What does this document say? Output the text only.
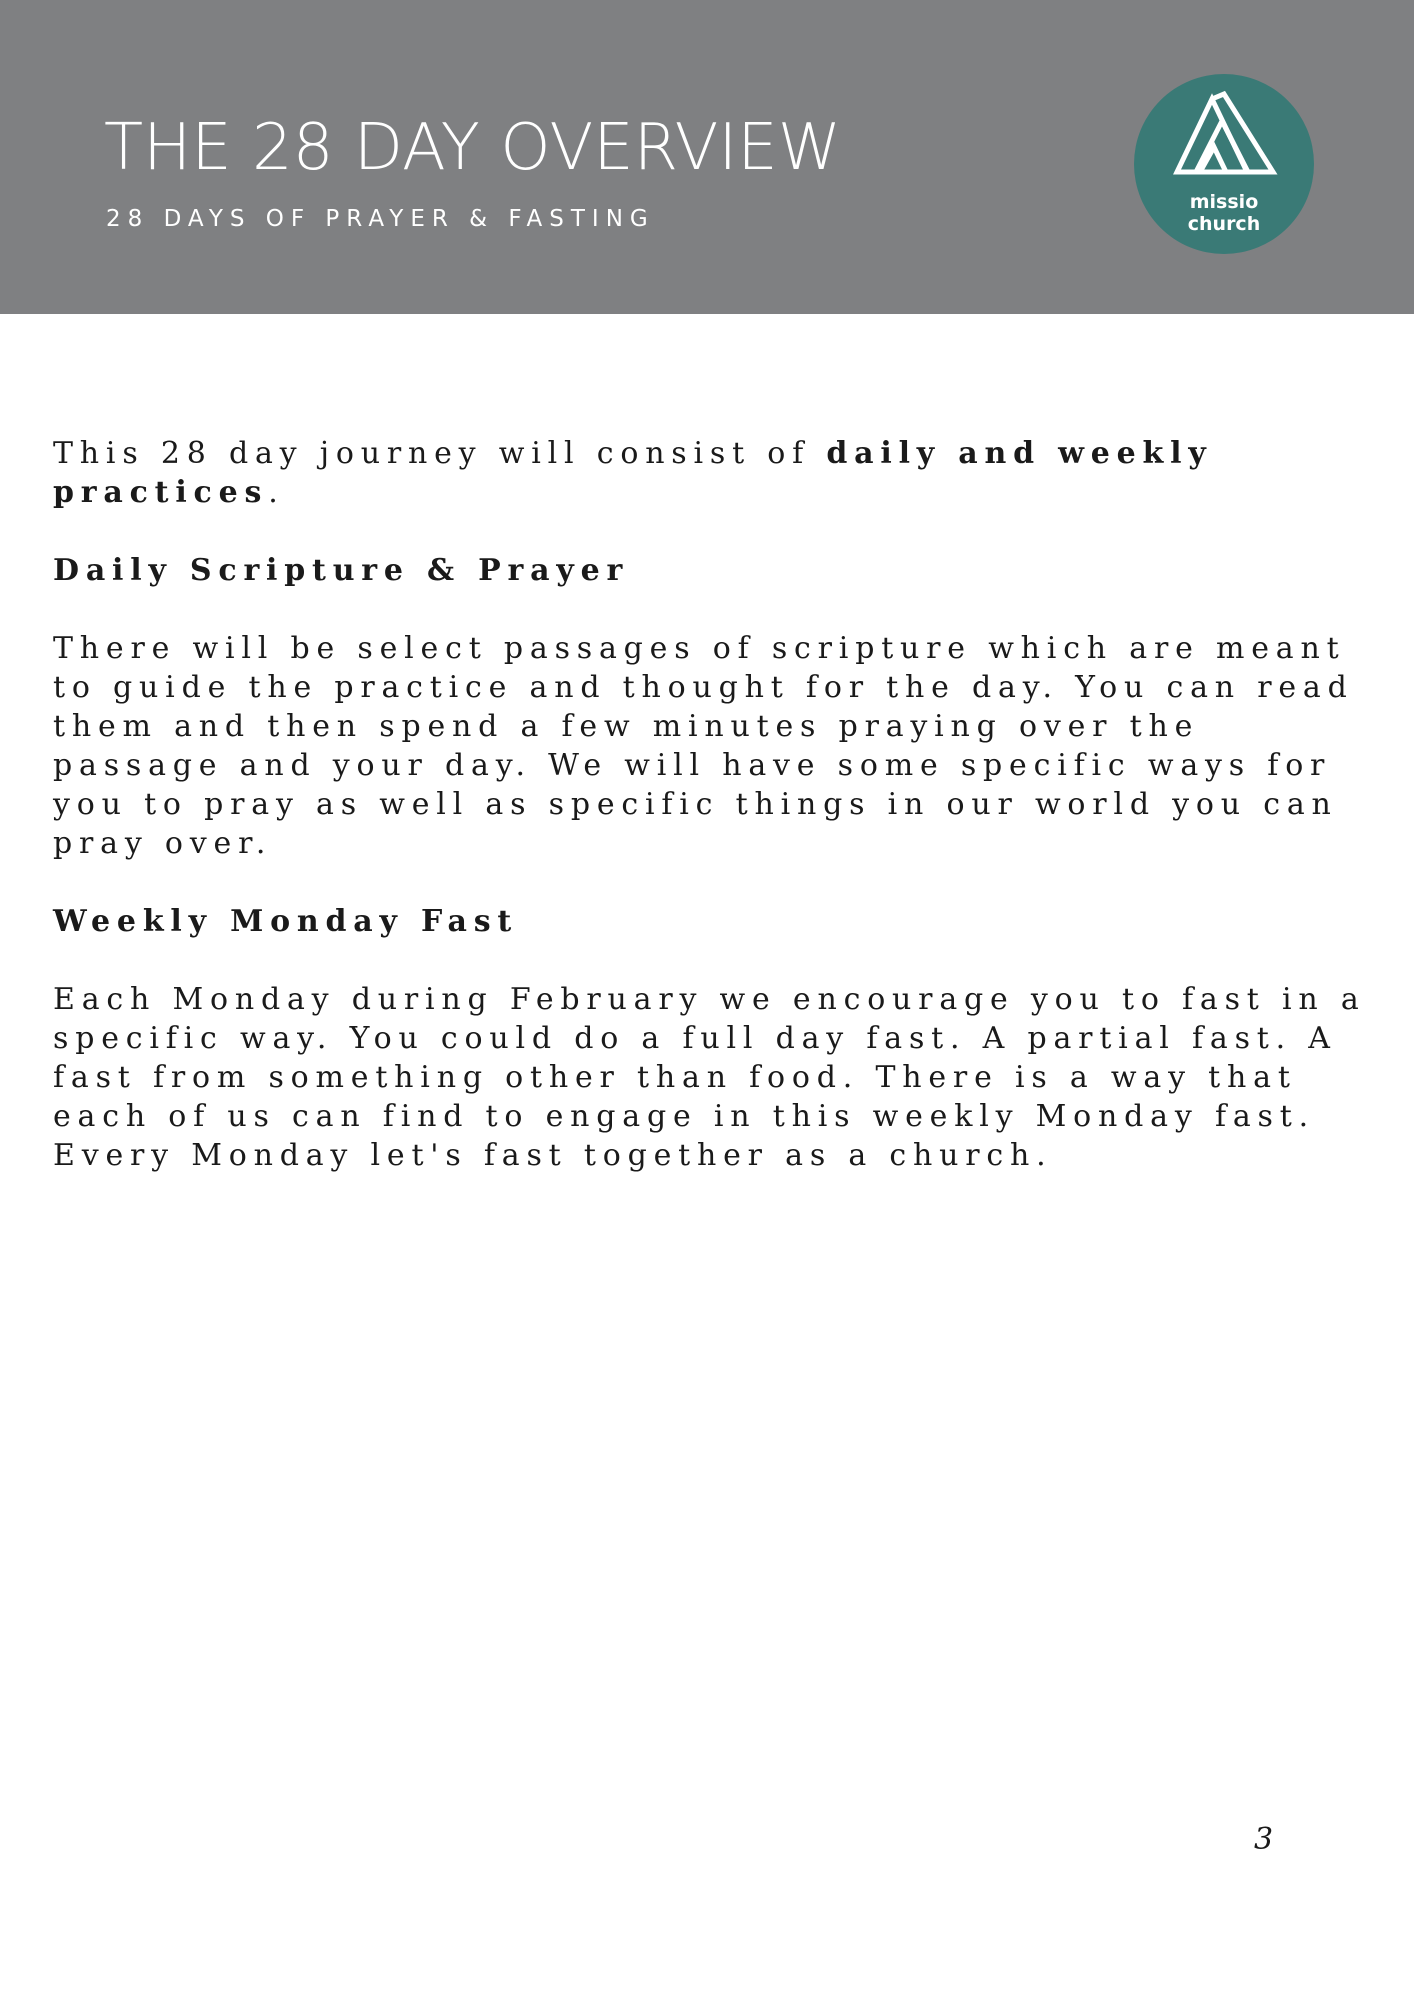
THE 28 DAY OVERVIEW
28 DAYS OF PRAYER & FASTING
missio
church

This 28 day journey will consist of daily and weekly practices.

Daily Scripture & Prayer

There will be select passages of scripture which are meant to guide the practice and thought for the day. You can read them and then spend a few minutes praying over the passage and your day. We will have some specific ways for you to pray as well as specific things in our world you can pray over.

Weekly Monday Fast

Each Monday during February we encourage you to fast in a specific way. You could do a full day fast. A partial fast. A fast from something other than food. There is a way that each of us can find to engage in this weekly Monday fast. Every Monday let's fast together as a church.

3
